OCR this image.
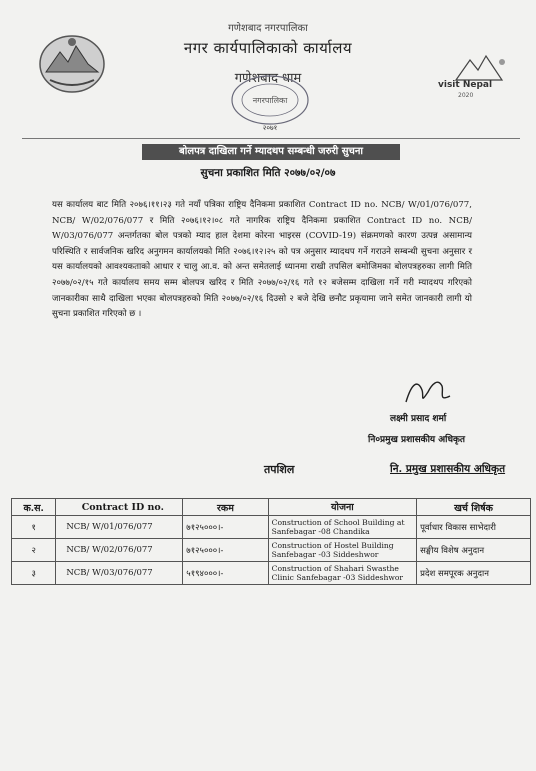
गणेशबाद नगरपालिका
नगर कार्यपालिकाको कार्यालय
गणेशबाद धाम
नगरपालिका
२०७१
visit Nepal
2020
बोलपत्र दाखिला गर्ने म्यादथप सम्बन्धी जरुरी सुचना
सुचना प्रकाशित मिति २०७७/०२/०७
यस कार्यालय बाट मिति २०७६।११।२३ गते नयाँ पत्रिका राष्ट्रिय दैनिकमा प्रकाशित Contract ID no. NCB/ W/01/076/077, NCB/ W/02/076/077 र मिति २०७६।१२।०८ गते नागरिक राष्ट्रिय दैनिकमा प्रकाशित Contract ID no. NCB/ W/03/076/077 अन्तर्गतका बोल पत्रको म्याद हाल देशमा कोरना भाइरस (COVID-19) संक्रमणको कारण उत्पन्न असामान्य परिस्थिति र सार्वजनिक खरिद अनुगमन कार्यालयको मिति २०७६।१२।२५ को पत्र अनुसार म्यादथप गर्ने गराउने सम्बन्धी सुचना अनुसार र यस कार्यालयको आवश्यकताको आधार र चालु आ.व. को अन्त समेतलाई ध्यानमा राखी तपसिल बमोजिमका बोलपत्रहरुका लागी मिति २०७७/०२/१५ गते कार्यालय समय सम्म बोलपत्र खरिद र मिति २०७७/०२/१६ गते १२ बजेसम्म दाखिला गर्ने गरी म्यादथप गरिएको जानकारीका साथै दाखिला भएका बोलपत्रहरुको मिति २०७७/०२/१६ दिउसो २ बजे देखि छनौट प्रकृयामा जाने समेत जानकारी लागी यो सुचना प्रकाशित गरिएको छ ।
लक्ष्मी प्रसाद शर्मा
नि०प्रमुख प्रशासकीय अधिकृत
तपशिल	नि. प्रमुख प्रशासकीय अधिकृत
क.स.	Contract ID no.	रकम	योजना	खर्च शिर्षक
१	NCB/ W/01/076/077	७१२५०००।-	Construction of School Building at Sanfebagar -08 Chandika	पूर्वाधार विकास साभेदारी
२	NCB/ W/02/076/077	७१२५०००।-	Construction of Hostel Building Sanfebagar -03 Siddeshwor	सङ्घीय विशेष अनुदान
३	NCB/ W/03/076/077	५१९४०००।-	Construction of Shahari Swasthe Clinic Sanfebagar -03 Siddeshwor	प्रदेश समपूरक अनुदान
